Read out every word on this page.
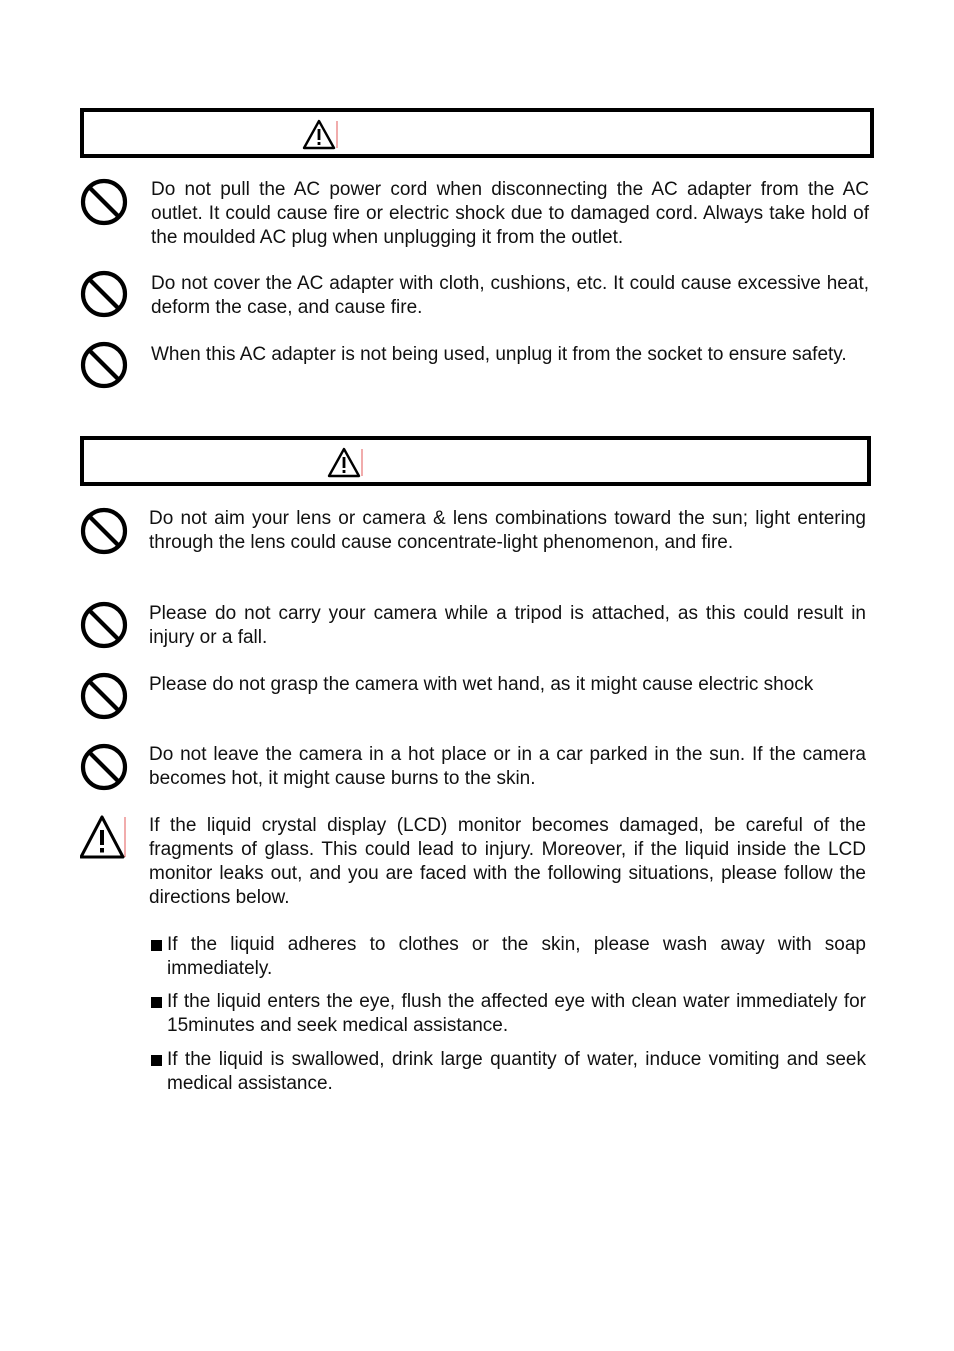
Do not pull the AC power cord when disconnecting the AC adapter from the AC outlet. It could cause fire or electric shock due to damaged cord. Always take hold of the moulded AC plug when unplugging it from the outlet.
Do not cover the AC adapter with cloth, cushions, etc. It could cause excessive heat, deform the case, and cause fire.
When this AC adapter is not being used, unplug it from the socket to ensure safety.
Do not aim your lens or camera & lens combinations toward the sun; light entering through the lens could cause concentrate-light phenomenon, and fire.
Please do not carry your camera while a tripod is attached, as this could result in injury or a fall.
Please do not grasp the camera with wet hand, as it might cause electric shock
Do not leave the camera in a hot place or in a car parked in the sun. If the camera becomes hot, it might cause burns to the skin.
If the liquid crystal display (LCD) monitor becomes damaged, be careful of the fragments of glass. This could lead to injury. Moreover, if the liquid inside the LCD monitor leaks out, and you are faced with the following situations, please follow the directions below.
If the liquid adheres to clothes or the skin, please wash away with soap immediately.
If the liquid enters the eye, flush the affected eye with clean water immediately for 15minutes and seek medical assistance.
If the liquid is swallowed, drink large quantity of water, induce vomiting and seek medical assistance.
